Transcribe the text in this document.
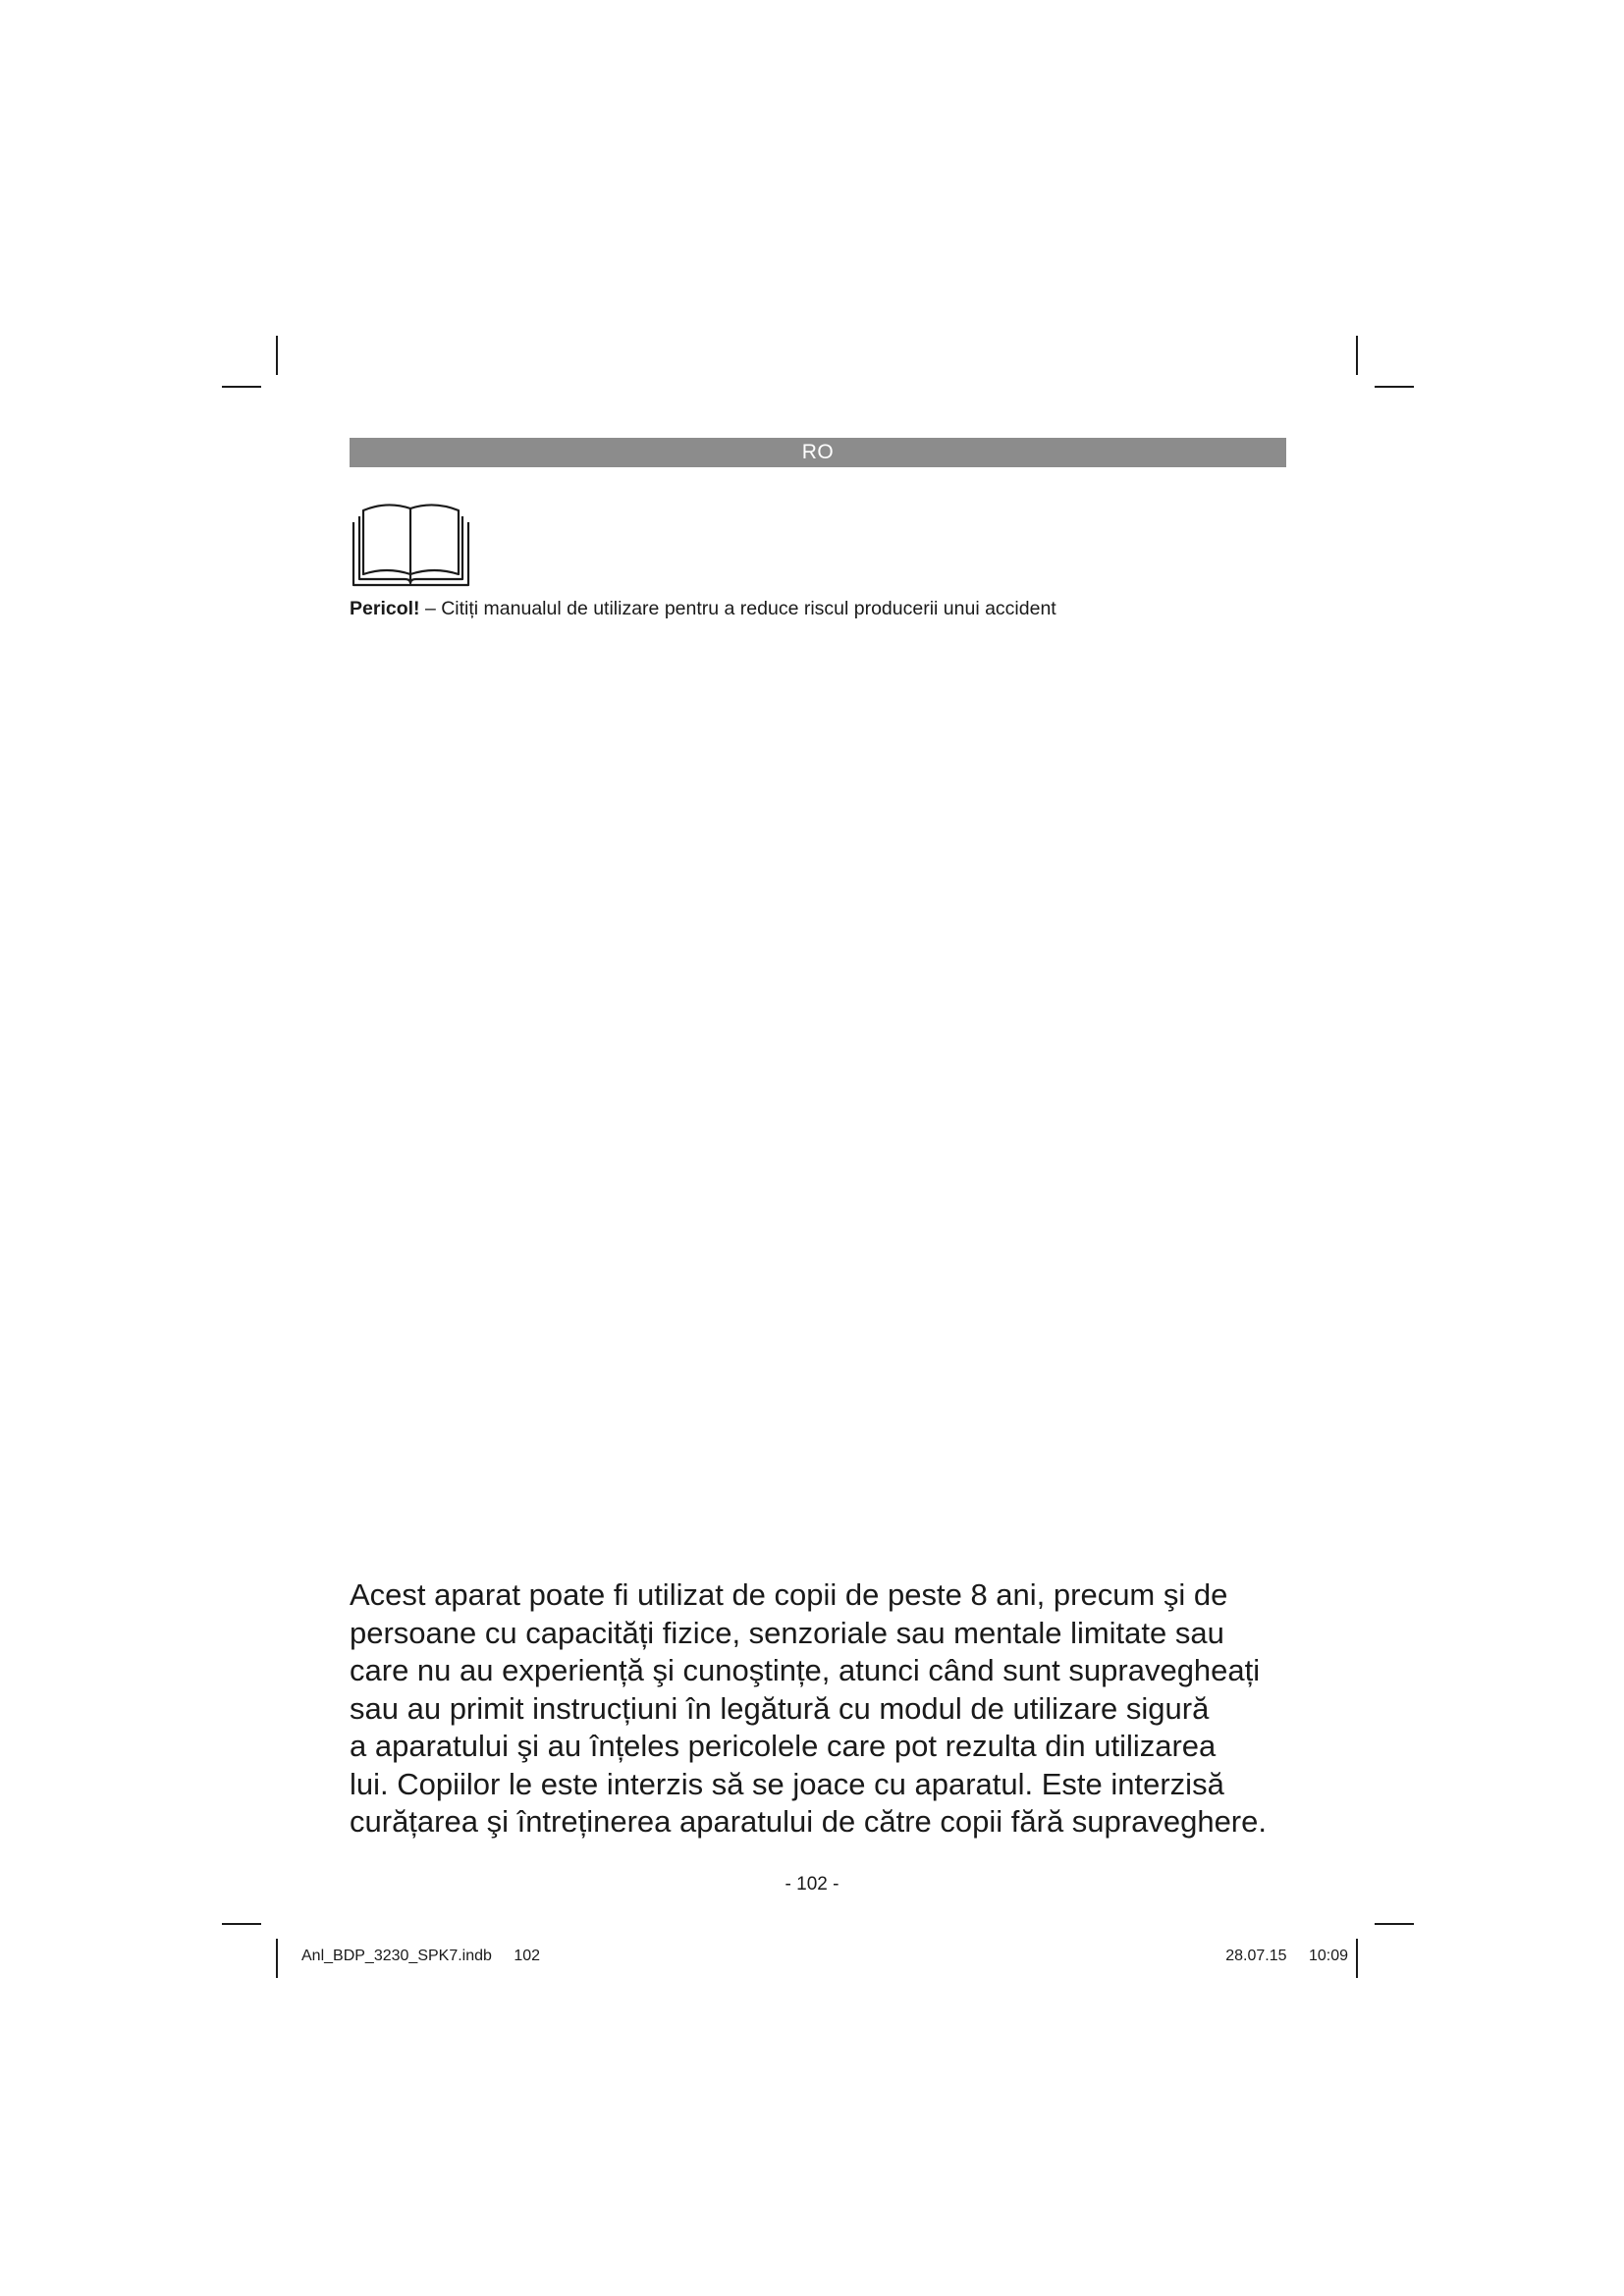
RO
Pericol! – Citiți manualul de utilizare pentru a reduce riscul producerii unui accident
Acest aparat poate fi utilizat de copii de peste 8 ani, precum şi de
persoane cu capacități fizice, senzoriale sau mentale limitate sau
care nu au experiență şi cunoştințe, atunci când sunt supravegheați
sau au primit instrucțiuni în legătură cu modul de utilizare sigură
a aparatului şi au înțeles pericolele care pot rezulta din utilizarea
lui. Copiilor le este interzis să se joace cu aparatul. Este interzisă
curățarea şi întreținerea aparatului de către copii fără supraveghere.
- 102 -
Anl_BDP_3230_SPK7.indb 102	28.07.15 10:09
